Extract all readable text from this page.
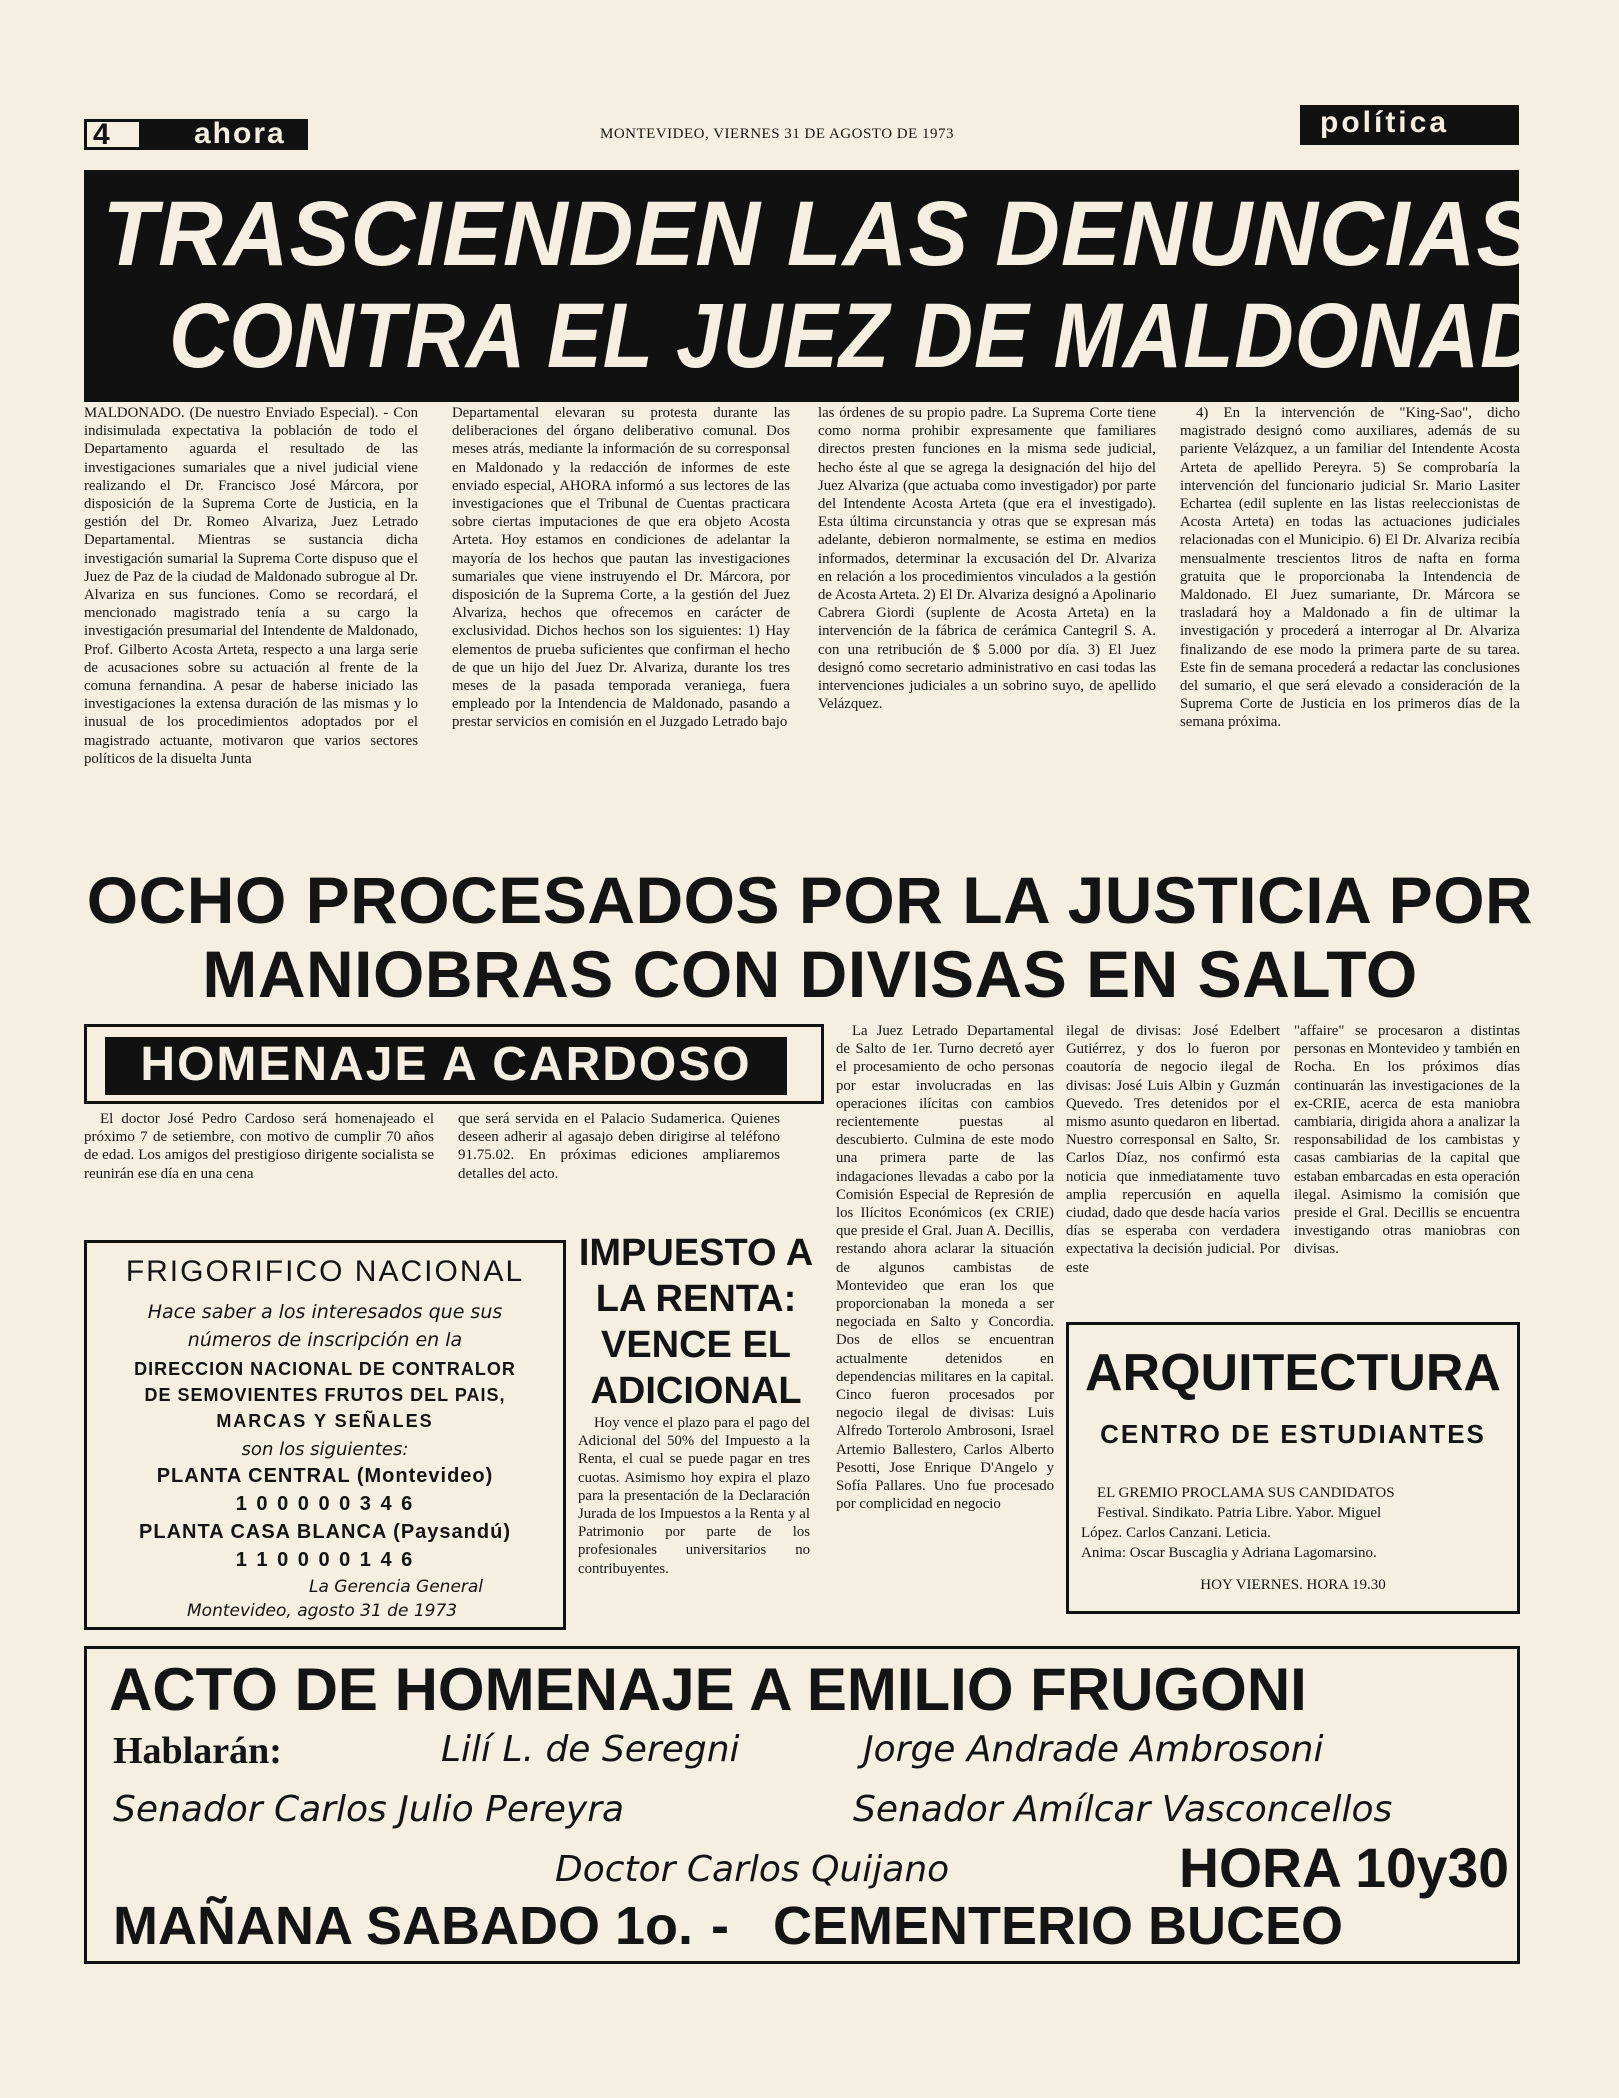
4	ahora	MONTEVIDEO, VIERNES 31 DE AGOSTO DE 1973	política
TRASCIENDEN LAS DENUNCIAS
CONTRA EL JUEZ DE MALDONADO

MALDONADO. (De nuestro Enviado Especial). - Con indisimulada expectativa la población de todo el Departamento aguarda el resultado de las investigaciones sumariales que a nivel judicial viene realizando el Dr. Francisco José Márcora, por disposición de la Suprema Corte de Justicia, en la gestión del Dr. Romeo Alvariza, Juez Letrado Departamental. Mientras se sustancia dicha investigación sumarial la Suprema Corte dispuso que el Juez de Paz de la ciudad de Maldonado subrogue al Dr. Alvariza en sus funciones. Como se recordará, el mencionado magistrado tenía a su cargo la investigación presumarial del Intendente de Maldonado, Prof. Gilberto Acosta Arteta, respecto a una larga serie de acusaciones sobre su actuación al frente de la comuna fernandina. A pesar de haberse iniciado las investigaciones la extensa duración de las mismas y lo inusual de los procedimientos adoptados por el magistrado actuante, motivaron que varios sectores políticos de la disuelta Junta

Departamental elevaran su protesta durante las deliberaciones del órgano deliberativo comunal. Dos meses atrás, mediante la información de su corresponsal en Maldonado y la redacción de informes de este enviado especial, AHORA informó a sus lectores de las investigaciones que el Tribunal de Cuentas practicara sobre ciertas imputaciones de que era objeto Acosta Arteta. Hoy estamos en condiciones de adelantar la mayoría de los hechos que pautan las investigaciones sumariales que viene instruyendo el Dr. Márcora, por disposición de la Suprema Corte, a la gestión del Juez Alvariza, hechos que ofrecemos en carácter de exclusividad. Dichos hechos son los siguientes: 1) Hay elementos de prueba suficientes que confirman el hecho de que un hijo del Juez Dr. Alvariza, durante los tres meses de la pasada temporada veraniega, fuera empleado por la Intendencia de Maldonado, pasando a prestar servicios en comisión en el Juzgado Letrado bajo

las órdenes de su propio padre. La Suprema Corte tiene como norma prohibir expresamente que familiares directos presten funciones en la misma sede judicial, hecho éste al que se agrega la designación del hijo del Juez Alvariza (que actuaba como investigador) por parte del Intendente Acosta Arteta (que era el investigado). Esta última circunstancia y otras que se expresan más adelante, debieron normalmente, se estima en medios informados, determinar la excusación del Dr. Alvariza en relación a los procedimientos vinculados a la gestión de Acosta Arteta. 2) El Dr. Alvariza designó a Apolinario Cabrera Giordi (suplente de Acosta Arteta) en la intervención de la fábrica de cerámica Cantegril S. A. con una retribución de $ 5.000 por día. 3) El Juez designó como secretario administrativo en casi todas las intervenciones judiciales a un sobrino suyo, de apellido Velázquez.

4) En la intervención de "King-Sao", dicho magistrado designó como auxiliares, además de su pariente Velázquez, a un familiar del Intendente Acosta Arteta de apellido Pereyra. 5) Se comprobaría la intervención del funcionario judicial Sr. Mario Lasiter Echartea (edil suplente en las listas reeleccionistas de Acosta Arteta) en todas las actuaciones judiciales relacionadas con el Municipio. 6) El Dr. Alvariza recibía mensualmente trescientos litros de nafta en forma gratuita que le proporcionaba la Intendencia de Maldonado. El Juez sumariante, Dr. Márcora se trasladará hoy a Maldonado a fin de ultimar la investigación y procederá a interrogar al Dr. Alvariza finalizando de ese modo la primera parte de su tarea. Este fin de semana procederá a redactar las conclusiones del sumario, el que será elevado a consideración de la Suprema Corte de Justicia en los primeros días de la semana próxima.

OCHO PROCESADOS POR LA JUSTICIA POR
MANIOBRAS CON DIVISAS EN SALTO
HOMENAJE A CARDOSO

El doctor José Pedro Cardoso será homenajeado el próximo 7 de setiembre, con motivo de cumplir 70 años de edad. Los amigos del prestigioso dirigente socialista se reunirán ese día en una cena

que será servida en el Palacio Sudamerica. Quienes deseen adherir al agasajo deben dirigirse al teléfono 91.75.02. En próximas ediciones ampliaremos detalles del acto.

La Juez Letrado Departamental de Salto de 1er. Turno decretó ayer el procesamiento de ocho personas por estar involucradas en las operaciones ilícitas con cambios recientemente puestas al descubierto. Culmina de este modo una primera parte de las indagaciones llevadas a cabo por la Comisión Especial de Represión de los Ilícitos Económicos (ex CRIE) que preside el Gral. Juan A. Decillis, restando ahora aclarar la situación de algunos cambistas de Montevideo que eran los que proporcionaban la moneda a ser negociada en Salto y Concordia. Dos de ellos se encuentran actualmente detenidos en dependencias militares en la capital. Cinco fueron procesados por negocio ilegal de divisas: Luis Alfredo Torterolo Ambrosoni, Israel Artemio Ballestero, Carlos Alberto Pesotti, Jose Enrique D'Angelo y Sofía Pallares. Uno fue procesado por complicidad en negocio

ilegal de divisas: José Edelbert Gutiérrez, y dos lo fueron por coautoría de negocio ilegal de divisas: José Luis Albin y Guzmán Quevedo. Tres detenidos por el mismo asunto quedaron en libertad. Nuestro corresponsal en Salto, Sr. Carlos Díaz, nos confirmó esta noticia que inmediatamente tuvo amplia repercusión en aquella ciudad, dado que desde hacía varios días se esperaba con verdadera expectativa la decisión judicial. Por este

"affaire" se procesaron a distintas personas en Montevideo y también en Rocha. En los próximos días continuarán las investigaciones de la ex-CRIE, acerca de esta maniobra cambiaria, dirigida ahora a analizar la responsabilidad de los cambistas y casas cambiarias de la capital que estaban embarcadas en esta operación ilegal. Asimismo la comisión que preside el Gral. Decillis se encuentra investigando otras maniobras con divisas.

FRIGORIFICO NACIONAL
Hace saber a los interesados que sus
números de inscripción en la
DIRECCION NACIONAL DE CONTRALOR
DE SEMOVIENTES FRUTOS DEL PAIS,
MARCAS Y SEÑALES
son los siguientes:
PLANTA CENTRAL (Montevideo)
1 0 0 0 0 0 3 4 6
PLANTA CASA BLANCA (Paysandú)
1 1 0 0 0 0 1 4 6
La Gerencia General
Montevideo, agosto 31 de 1973
IMPUESTO A
LA RENTA:
VENCE EL
ADICIONAL

Hoy vence el plazo para el pago del Adicional del 50% del Impuesto a la Renta, el cual se puede pagar en tres cuotas. Asimismo hoy expira el plazo para la presentación de la Declaración Jurada de los Impuestos a la Renta y al Patrimonio por parte de los profesionales universitarios no contribuyentes.

ARQUITECTURA
CENTRO DE ESTUDIANTES
EL GREMIO PROCLAMA SUS CANDIDATOS
Festival. Sindikato. Patria Libre. Yabor. Miguel
López. Carlos Canzani. Leticia.
Anima: Oscar Buscaglia y Adriana Lagomarsino.
HOY VIERNES. HORA 19.30
ACTO DE HOMENAJE A EMILIO FRUGONI
Hablarán:	Lilí L. de Seregni	Jorge Andrade Ambrosoni
Senador Carlos Julio Pereyra	Senador Amílcar Vasconcellos
Doctor Carlos Quijano	HORA 10y30
MAÑANA SABADO 1o. - CEMENTERIO BUCEO
